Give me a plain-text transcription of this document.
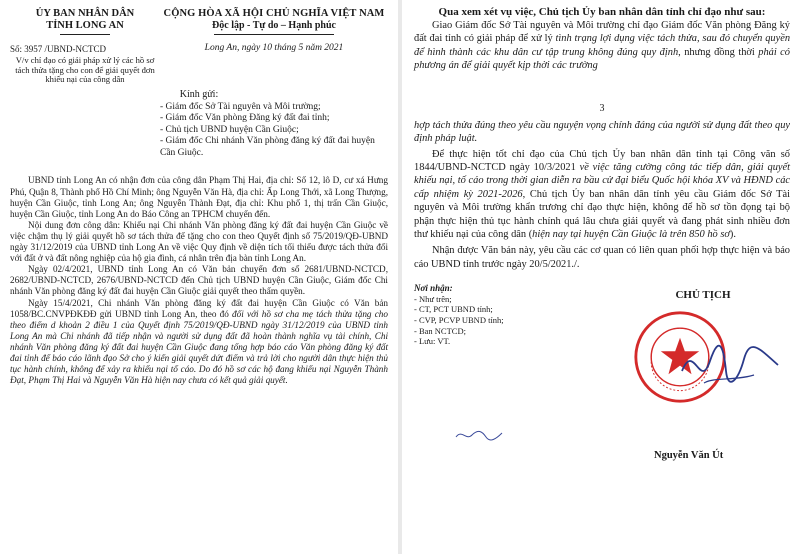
ỦY BAN NHÂN DÂN
TỈNH LONG AN
Số: 3957 /UBND-NCTCD
V/v chỉ đạo có giải pháp xử lý các hồ sơ tách thửa tặng cho con để giải quyết đơn khiếu nại của công dân
CỘNG HÒA XÃ HỘI CHỦ NGHĨA VIỆT NAM
Độc lập - Tự do – Hạnh phúc
Long An, ngày 10 tháng 5 năm 2021
Kính gửi:
- Giám đốc Sở Tài nguyên và Môi trường;
- Giám đốc Văn phòng Đăng ký đất đai tỉnh;
- Chủ tịch UBND huyện Cần Giuộc;
- Giám đốc Chi nhánh Văn phòng đăng ký đất đai huyện Cần Giuộc.

UBND tỉnh Long An có nhận đơn của công dân Phạm Thị Hai, địa chỉ: Số 12, lô D, cư xá Hưng Phú, Quận 8, Thành phố Hồ Chí Minh; ông Nguyễn Văn Hà, địa chỉ: Ấp Long Thới, xã Long Thượng, huyện Cần Giuộc, tỉnh Long An; ông Nguyễn Thành Đạt, địa chỉ: Khu phố 1, thị trấn Cần Giuộc, huyện Cần Giuộc, tỉnh Long An do Báo Công an TPHCM chuyển đến.

Nội dung đơn công dân: Khiếu nại Chi nhánh Văn phòng đăng ký đất đai huyện Cần Giuộc về việc chậm thụ lý giải quyết hồ sơ tách thửa để tặng cho con theo Quyết định số 75/2019/QĐ-UBND ngày 31/12/2019 của UBND tỉnh Long An về việc Quy định về diện tích tối thiểu được tách thửa đối với đất ở và đất nông nghiệp của hộ gia đình, cá nhân trên địa bàn tỉnh Long An.

Ngày 02/4/2021, UBND tỉnh Long An có Văn bản chuyển đơn số 2681/UBND-NCTCD, 2682/UBND-NCTCD, 2676/UBND-NCTCD đến Chủ tịch UBND huyện Cần Giuộc, Giám đốc Chi nhánh Văn phòng đăng ký đất đai huyện Cần Giuộc giải quyết theo thẩm quyền.

Ngày 15/4/2021, Chi nhánh Văn phòng đăng ký đất đai huyện Cần Giuộc có Văn bản 1058/BC.CNVPĐKĐĐ gửi UBND tỉnh Long An, theo đó đối với hồ sơ cha mẹ tách thửa tặng cho theo điểm d khoản 2 điều 1 của Quyết định 75/2019/QĐ-UBND ngày 31/12/2019 của UBND tỉnh Long An mà Chi nhánh đã tiếp nhận và người sử dụng đất đã hoàn thành nghĩa vụ tài chính, Chi nhánh Văn phòng đăng ký đất đai huyện Cần Giuộc đang tổng hợp báo cáo Văn phòng đăng ký đất đai tỉnh để báo cáo lãnh đạo Sở cho ý kiến giải quyết dứt điểm và trả lời cho người dân thực hiện thủ tục hành chính, không để xảy ra khiếu nại tố cáo. Do đó hồ sơ các hộ đang khiếu nại Nguyễn Thành Đạt, Phạm Thị Hai và Nguyễn Văn Hà hiện nay chưa có kết quả giải quyết.

Qua xem xét vụ việc, Chủ tịch Ủy ban nhân dân tỉnh chỉ đạo như sau:

Giao Giám đốc Sở Tài nguyên và Môi trường chỉ đạo Giám đốc Văn phòng Đăng ký đất đai tỉnh có giải pháp để xử lý tình trạng lợi dụng việc tách thửa, sau đó chuyển quyền để hình thành các khu dân cư tập trung không đúng quy định, nhưng đồng thời phải có phương án để giải quyết kịp thời các trường

3

hợp tách thửa đúng theo yêu cầu nguyện vọng chính đáng của người sử dụng đất theo quy định pháp luật.

Để thực hiện tốt chỉ đạo của Chủ tịch Ủy ban nhân dân tỉnh tại Công văn số 1844/UBND-NCTCD ngày 10/3/2021 về việc tăng cường công tác tiếp dân, giải quyết khiếu nại, tố cáo trong thời gian diễn ra bầu cử đại biểu Quốc hội khóa XV và HĐND các cấp nhiệm kỳ 2021-2026, Chủ tịch Ủy ban nhân dân tỉnh yêu cầu Giám đốc Sở Tài nguyên và Môi trường khẩn trương chỉ đạo thực hiện, không để hồ sơ tồn đọng tại bộ phận thực hiện thủ tục hành chính quá lâu chưa giải quyết và đang phát sinh nhiều đơn thư khiếu nại của công dân (hiện nay tại huyện Cần Giuộc là trên 850 hồ sơ).

Nhận được Văn bản này, yêu cầu các cơ quan có liên quan phối hợp thực hiện và báo cáo UBND tỉnh trước ngày 20/5/2021./.

Nơi nhận:
- Như trên;
- CT, PCT UBND tỉnh;
- CVP, PCVP UBND tỉnh;
- Ban NCTCD;
- Lưu: VT.
CHỦ TỊCH
Nguyễn Văn Út
